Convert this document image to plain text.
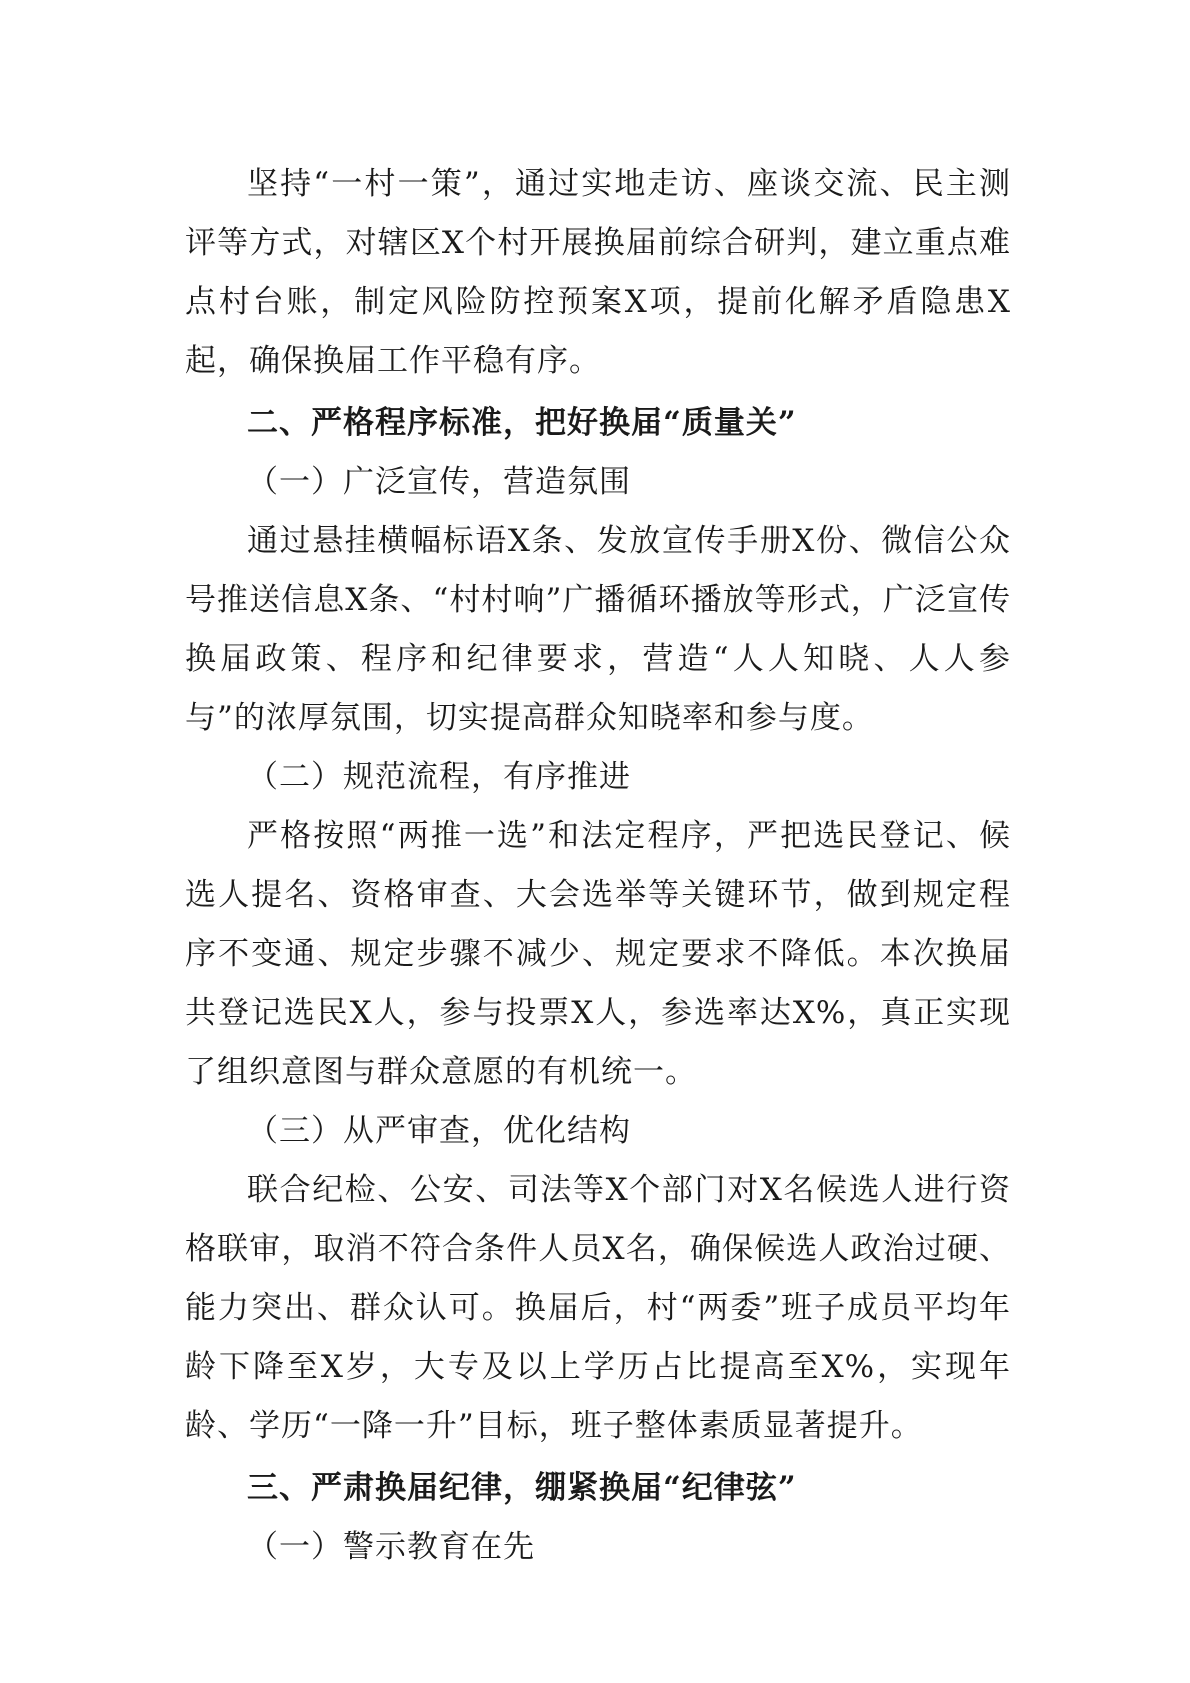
坚持“一村一策”，通过实地走访、座谈交流、民主测评等方式，对辖区X个村开展换届前综合研判，建立重点难点村台账，制定风险防控预案X项，提前化解矛盾隐患X起，确保换届工作平稳有序。

二、严格程序标准，把好换届“质量关”

（一）广泛宣传，营造氛围

通过悬挂横幅标语X条、发放宣传手册X份、微信公众号推送信息X条、“村村响”广播循环播放等形式，广泛宣传换届政策、程序和纪律要求，营造“人人知晓、人人参与”的浓厚氛围，切实提高群众知晓率和参与度。

（二）规范流程，有序推进

严格按照“两推一选”和法定程序，严把选民登记、候选人提名、资格审查、大会选举等关键环节，做到规定程序不变通、规定步骤不减少、规定要求不降低。本次换届共登记选民X人，参与投票X人，参选率达X%，真正实现了组织意图与群众意愿的有机统一。

（三）从严审查，优化结构

联合纪检、公安、司法等X个部门对X名候选人进行资格联审，取消不符合条件人员X名，确保候选人政治过硬、能力突出、群众认可。换届后，村“两委”班子成员平均年龄下降至X岁，大专及以上学历占比提高至X%，实现年龄、学历“一降一升”目标，班子整体素质显著提升。

三、严肃换届纪律，绷紧换届“纪律弦”

（一）警示教育在先
